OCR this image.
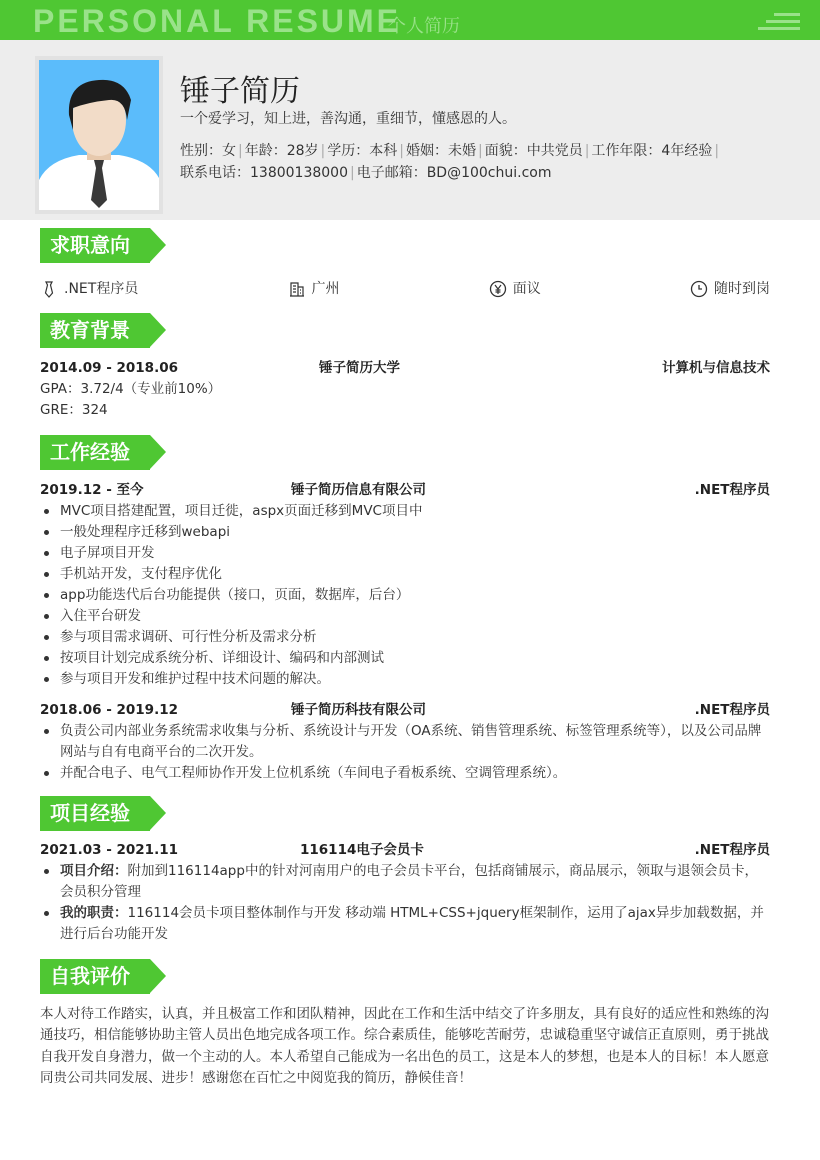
PERSONAL RESUME
个人简历
锤子简历
一个爱学习，知上进，善沟通，重细节，懂感恩的人。
性别：女 | 年龄：28岁 | 学历：本科 | 婚姻：未婚 | 面貌：中共党员 | 工作年限：4年经验 |
联系电话：13800138000 | 电子邮箱：BD@100chui.com
求职意向
.NET程序员	广州	面议	随时到岗
教育背景
2014.09 - 2018.06	锤子简历大学	计算机与信息技术
GPA：3.72/4（专业前10%）
GRE：324
工作经验
2019.12 - 至今	锤子简历信息有限公司	.NET程序员
MVC项目搭建配置，项目迁徙，aspx页面迁移到MVC项目中
一般处理程序迁移到webapi
电子屏项目开发
手机站开发，支付程序优化
app功能迭代后台功能提供（接口，页面，数据库，后台）
入住平台研发
参与项目需求调研、可行性分析及需求分析
按项目计划完成系统分析、详细设计、编码和内部测试
参与项目开发和维护过程中技术问题的解决。
2018.06 - 2019.12	锤子简历科技有限公司	.NET程序员
负责公司内部业务系统需求收集与分析、系统设计与开发（OA系统、销售管理系统、标签管理系统等），以及公司品牌网站与自有电商平台的二次开发。
并配合电子、电气工程师协作开发上位机系统（车间电子看板系统、空调管理系统）。
项目经验
2021.03 - 2021.11	116114电子会员卡	.NET程序员
项目介绍：附加到116114app中的针对河南用户的电子会员卡平台，包括商铺展示，商品展示，领取与退领会员卡，会员积分管理
我的职责：116114会员卡项目整体制作与开发 移动端 HTML+CSS+jquery框架制作，运用了ajax异步加载数据，并进行后台功能开发
自我评价

本人对待工作踏实，认真，并且极富工作和团队精神，因此在工作和生活中结交了许多朋友，具有良好的适应性和熟练的沟通技巧，相信能够协助主管人员出色地完成各项工作。综合素质佳，能够吃苦耐劳，忠诚稳重坚守诚信正直原则，勇于挑战自我开发自身潜力，做一个主动的人。本人希望自己能成为一名出色的员工，这是本人的梦想，也是本人的目标！本人愿意同贵公司共同发展、进步！感谢您在百忙之中阅览我的简历，静候佳音！
